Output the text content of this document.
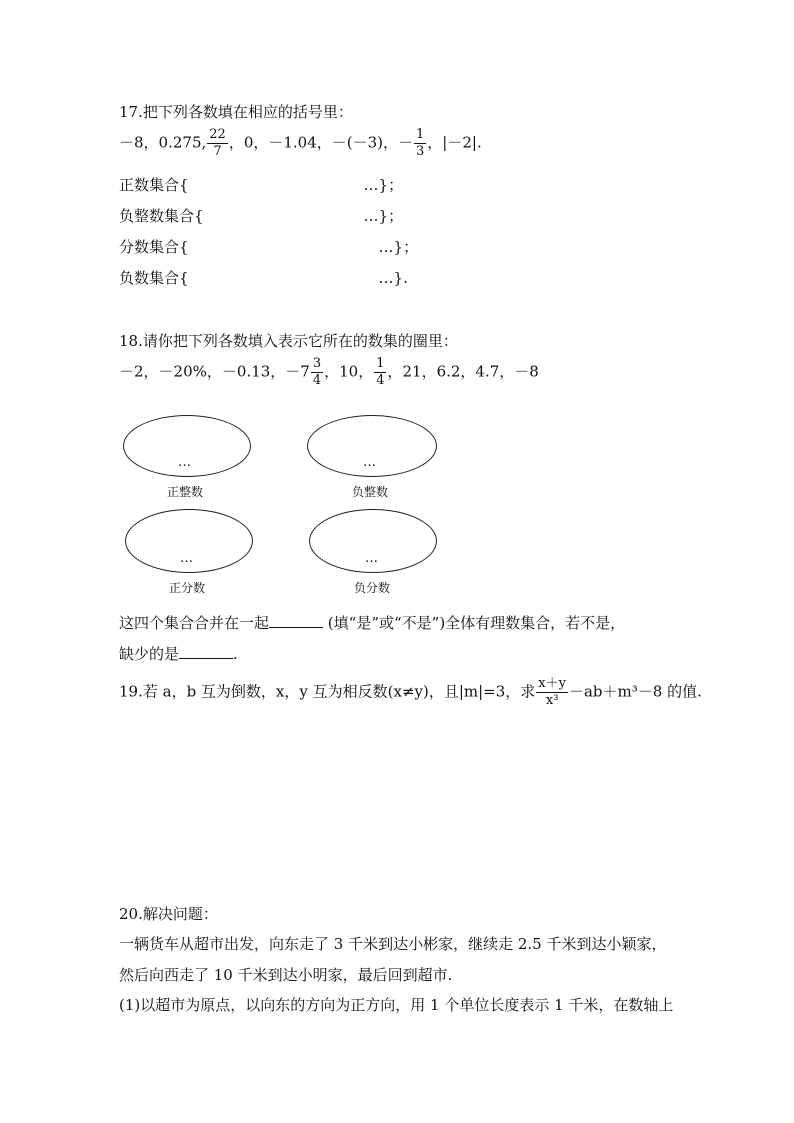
17.把下列各数填在相应的括号里：
－8，0.275, $\frac{22}{7}$ ，0，－1.04，－(－3)，－ $\frac{1}{3}$ ，|－2|.
正数集合{	…}；
负整数集合{	…}；
分数集合{	…}；
负数集合{	…}.
18.请你把下列各数填入表示它所在的数集的圈里：
－2，－20%，－0.13，$-7 \frac{3}{4}$ ，10， $\frac{1}{4}$ ，21，6.2，4.7，－8
…
正整数
…
负整数
…
正分数
…
负分数
这四个集合合并在一起	(填“是”或“不是”)全体有理数集合，若不是，
缺少的是	.
19.若 a，b 互为倒数，x，y 互为相反数(x≠y)，且|m|=3，求 $\frac{x+y}{\text{x³}} -ab+m^3-8$ 的值.
20.解决问题：
一辆货车从超市出发，向东走了 3 千米到达小彬家，继续走 2.5 千米到达小颖家，
然后向西走了 10 千米到达小明家，最后回到超市.
(1)以超市为原点，以向东的方向为正方向，用 1 个单位长度表示 1 千米，在数轴上
